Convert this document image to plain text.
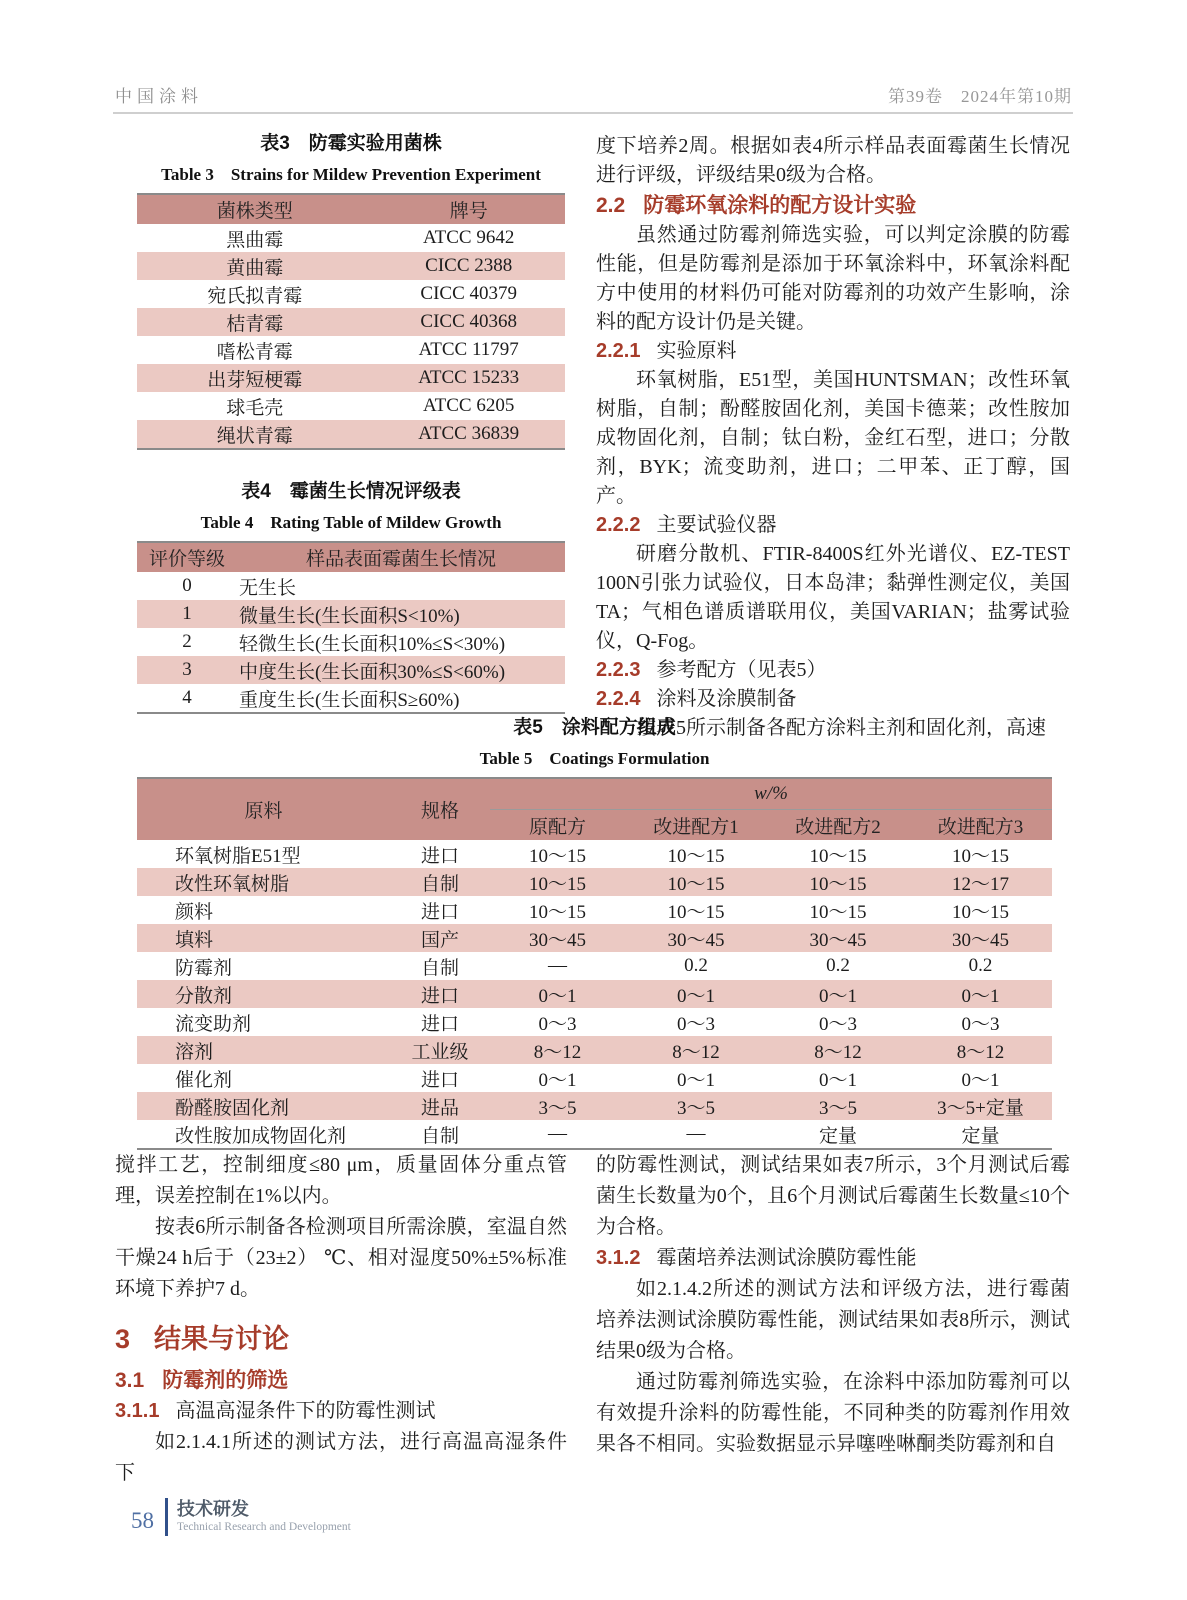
中国涂料	第39卷　2024年第10期
表3　防霉实验用菌株
Table 3　Strains for Mildew Prevention Experiment
菌株类型	牌号
黑曲霉	ATCC 9642
黄曲霉	CICC 2388
宛氏拟青霉	CICC 40379
桔青霉	CICC 40368
嗜松青霉	ATCC 11797
出芽短梗霉	ATCC 15233
球毛壳	ATCC 6205
绳状青霉	ATCC 36839
表4　霉菌生长情况评级表
Table 4　Rating Table of Mildew Growth
评价等级	样品表面霉菌生长情况
0	无生长
1	微量生长(生长面积S<10%)
2	轻微生长(生长面积10%≤S<30%)
3	中度生长(生长面积30%≤S<60%)
4	重度生长(生长面积S≥60%)

度下培养2周。根据如表4所示样品表面霉菌生长情况进行评级，评级结果0级为合格。

2.2 防霉环氧涂料的配方设计实验

虽然通过防霉剂筛选实验，可以判定涂膜的防霉性能，但是防霉剂是添加于环氧涂料中，环氧涂料配方中使用的材料仍可能对防霉剂的功效产生影响，涂料的配方设计仍是关键。

2.2.1 实验原料

环氧树脂，E51型，美国HUNTSMAN；改性环氧树脂，自制；酚醛胺固化剂，美国卡德莱；改性胺加成物固化剂，自制；钛白粉，金红石型，进口；分散剂，BYK；流变助剂，进口；二甲苯、正丁醇，国产。

2.2.2 主要试验仪器

研磨分散机、FTIR-8400S红外光谱仪、EZ-TEST 100N引张力试验仪，日本岛津；黏弹性测定仪，美国TA；气相色谱质谱联用仪，美国VARIAN；盐雾试验仪，Q-Fog。

2.2.3 参考配方（见表5）
2.2.4 涂料及涂膜制备

按表5所示制备各配方涂料主剂和固化剂，高速

表5　涂料配方组成
Table 5　Coatings Formulation
原料	规格	w/%			
		原配方	改进配方1	改进配方2	改进配方3
环氧树脂E51型	进口	10～15	10～15	10～15	10～15
改性环氧树脂	自制	10～15	10～15	10～15	12～17
颜料	进口	10～15	10～15	10～15	10～15
填料	国产	30～45	30～45	30～45	30～45
防霉剂	自制	—	0.2	0.2	0.2
分散剂	进口	0～1	0～1	0～1	0～1
流变助剂	进口	0～3	0～3	0～3	0～3
溶剂	工业级	8～12	8～12	8～12	8～12
催化剂	进口	0～1	0～1	0～1	0～1
酚醛胺固化剂	进品	3～5	3～5	3～5	3～5+定量
改性胺加成物固化剂	自制	—	—	定量	定量

搅拌工艺，控制细度≤80 μm，质量固体分重点管理，误差控制在1%以内。

按表6所示制备各检测项目所需涂膜，室温自然干燥24 h后于（23±2） ℃、相对湿度50%±5%标准环境下养护7 d。

3 结果与讨论
3.1 防霉剂的筛选
3.1.1 高温高湿条件下的防霉性测试

如2.1.4.1所述的测试方法，进行高温高湿条件下

的防霉性测试，测试结果如表7所示，3个月测试后霉菌生长数量为0个，且6个月测试后霉菌生长数量≤10个为合格。

3.1.2 霉菌培养法测试涂膜防霉性能

如2.1.4.2所述的测试方法和评级方法，进行霉菌培养法测试涂膜防霉性能，测试结果如表8所示，测试结果0级为合格。

通过防霉剂筛选实验，在涂料中添加防霉剂可以有效提升涂料的防霉性能，不同种类的防霉剂作用效果各不相同。实验数据显示异噻唑啉酮类防霉剂和自

58 技术研发
Technical Research and Development
